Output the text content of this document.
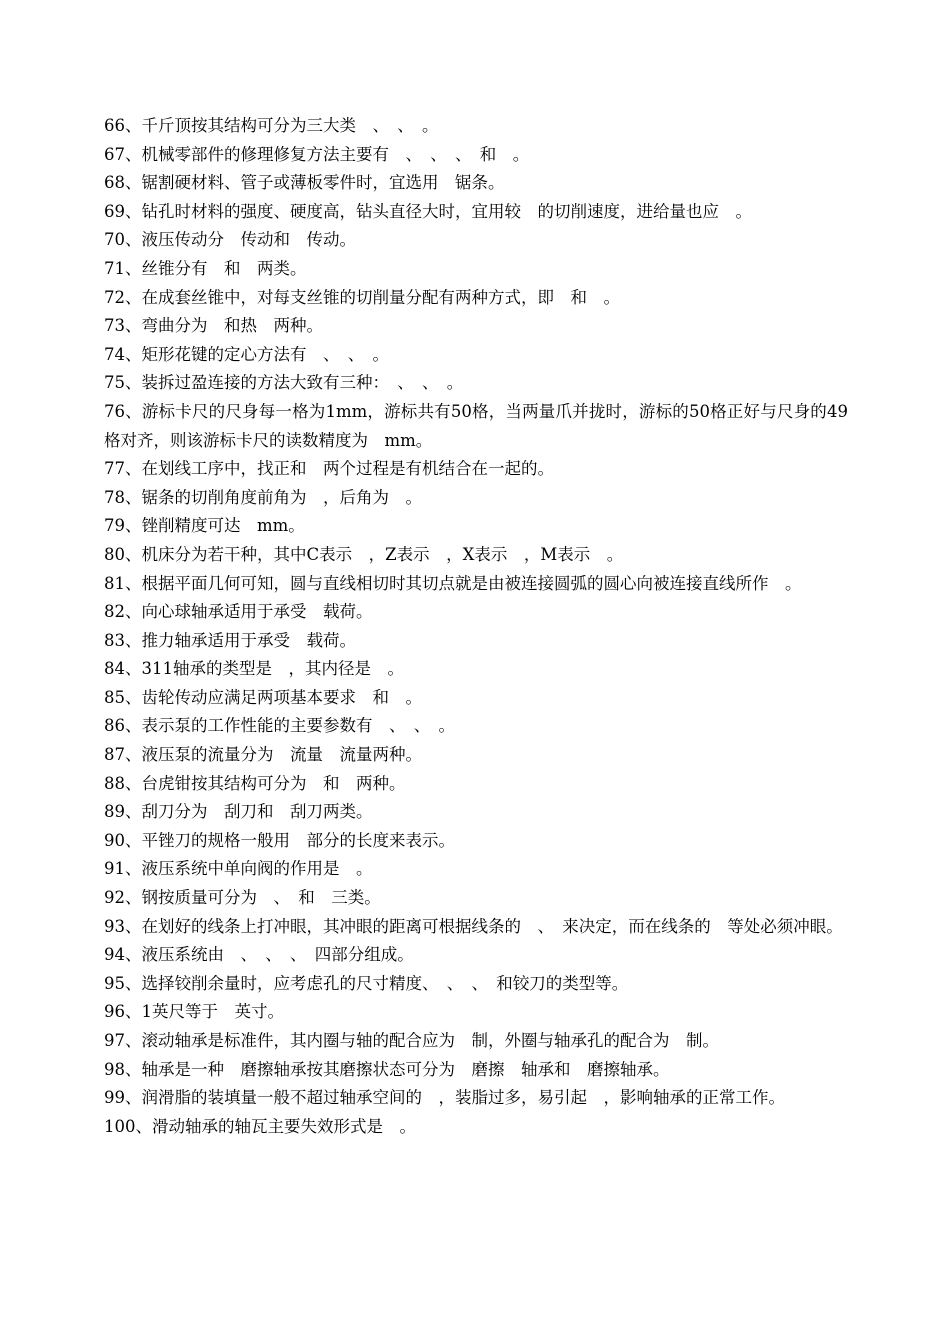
66、千斤顶按其结构可分为三大类　、　、　。

67、机械零部件的修理修复方法主要有　、　、　、　和　。

68、锯割硬材料、管子或薄板零件时，宜选用　锯条。

69、钻孔时材料的强度、硬度高，钻头直径大时，宜用较　的切削速度，进给量也应　。

70、液压传动分　传动和　传动。

71、丝锥分有　和　两类。

72、在成套丝锥中，对每支丝锥的切削量分配有两种方式，即　和　。

73、弯曲分为　和热　两种。

74、矩形花键的定心方法有　、　、　。

75、装拆过盈连接的方法大致有三种：　、　、　。

76、游标卡尺的尺身每一格为1mm，游标共有50格，当两量爪并拢时，游标的50格正好与尺身的49格对齐，则该游标卡尺的读数精度为　mm。

77、在划线工序中，找正和　两个过程是有机结合在一起的。

78、锯条的切削角度前角为　，后角为　。

79、锉削精度可达　mm。

80、机床分为若干种，其中C表示　，Z表示　，X表示　，M表示　。

81、根据平面几何可知，圆与直线相切时其切点就是由被连接圆弧的圆心向被连接直线所作　。

82、向心球轴承适用于承受　载荷。

83、推力轴承适用于承受　载荷。

84、311轴承的类型是　，其内径是　。

85、齿轮传动应满足两项基本要求　和　。

86、表示泵的工作性能的主要参数有　、　、　。

87、液压泵的流量分为　流量　流量两种。

88、台虎钳按其结构可分为　和　两种。

89、刮刀分为　刮刀和　刮刀两类。

90、平锉刀的规格一般用　部分的长度来表示。

91、液压系统中单向阀的作用是　。

92、钢按质量可分为　、　和　三类。

93、在划好的线条上打冲眼，其冲眼的距离可根据线条的　、　来决定，而在线条的　等处必须冲眼。

94、液压系统由　、　、　、　四部分组成。

95、选择铰削余量时，应考虑孔的尺寸精度、　、　、　和铰刀的类型等。

96、1英尺等于　英寸。

97、滚动轴承是标准件，其内圈与轴的配合应为　制，外圈与轴承孔的配合为　制。

98、轴承是一种　磨擦轴承按其磨擦状态可分为　磨擦　轴承和　磨擦轴承。

99、润滑脂的装填量一般不超过轴承空间的　，装脂过多，易引起　，影响轴承的正常工作。

100、滑动轴承的轴瓦主要失效形式是　。
